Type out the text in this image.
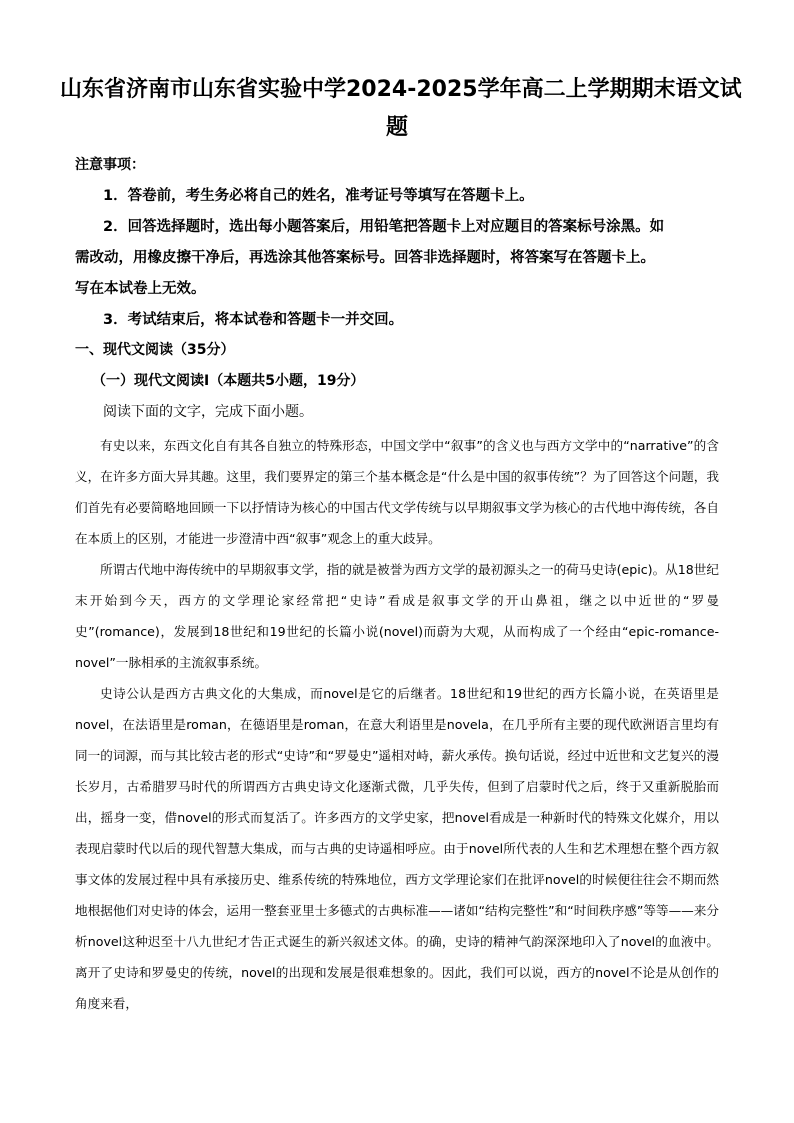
山东省济南市山东省实验中学2024-2025学年高二上学期期末语文试
题
注意事项：
1．答卷前，考生务必将自己的姓名，准考证号等填写在答题卡上。
2．回答选择题时，选出每小题答案后，用铅笔把答题卡上对应题目的答案标号涂黑。如
需改动，用橡皮擦干净后，再选涂其他答案标号。回答非选择题时，将答案写在答题卡上。
写在本试卷上无效。
3．考试结束后，将本试卷和答题卡一并交回。
一、现代文阅读（35分）
（一）现代文阅读Ⅰ（本题共5小题，19分）
阅读下面的文字，完成下面小题。

有史以来，东西文化自有其各自独立的特殊形态，中国文学中“叙事”的含义也与西方文学中的“narrative”的含义，在许多方面大异其趣。这里，我们要界定的第三个基本概念是“什么是中国的叙事传统”？为了回答这个问题，我们首先有必要简略地回顾一下以抒情诗为核心的中国古代文学传统与以早期叙事文学为核心的古代地中海传统，各自在本质上的区别，才能进一步澄清中西“叙事”观念上的重大歧异。

所谓古代地中海传统中的早期叙事文学，指的就是被誉为西方文学的最初源头之一的荷马史诗(epic)。从18世纪末开始到今天，西方的文学理论家经常把“史诗”看成是叙事文学的开山鼻祖，继之以中近世的“罗曼史”(romance)，发展到18世纪和19世纪的长篇小说(novel)而蔚为大观，从而构成了一个经由“epic-romance-novel”一脉相承的主流叙事系统。

史诗公认是西方古典文化的大集成，而novel是它的后继者。18世纪和19世纪的西方长篇小说，在英语里是novel，在法语里是roman，在德语里是roman，在意大利语里是novela，在几乎所有主要的现代欧洲语言里均有同一的词源，而与其比较古老的形式“史诗”和“罗曼史”遥相对峙，薪火承传。换句话说，经过中近世和文艺复兴的漫长岁月，古希腊罗马时代的所谓西方古典史诗文化逐渐式微，几乎失传，但到了启蒙时代之后，终于又重新脱胎而出，摇身一变，借novel的形式而复活了。许多西方的文学史家，把novel看成是一种新时代的特殊文化媒介，用以表现启蒙时代以后的现代智慧大集成，而与古典的史诗遥相呼应。由于novel所代表的人生和艺术理想在整个西方叙事文体的发展过程中具有承接历史、维系传统的特殊地位，西方文学理论家们在批评novel的时候便往往会不期而然地根据他们对史诗的体会，运用一整套亚里士多德式的古典标准——诸如“结构完整性”和“时间秩序感”等等——来分析novel这种迟至十八九世纪才告正式诞生的新兴叙述文体。的确，史诗的精神气韵深深地印入了novel的血液中。离开了史诗和罗曼史的传统，novel的出现和发展是很难想象的。因此，我们可以说，西方的novel不论是从创作的角度来看，
